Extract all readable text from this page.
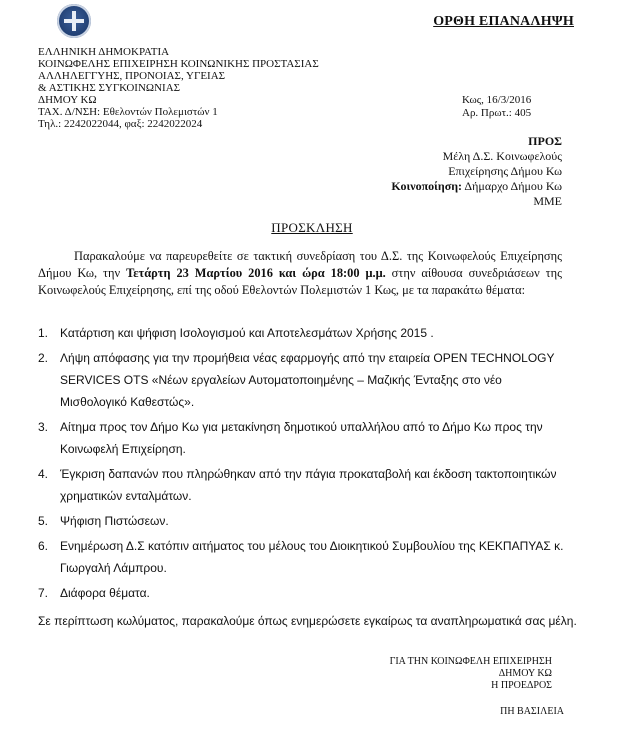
ΟΡΘΗ ΕΠΑΝΑΛΗΨΗ
ΕΛΛΗΝΙΚΗ ΔΗΜΟΚΡΑΤΙΑ
ΚΟΙΝΩΦΕΛΗΣ ΕΠΙΧΕΙΡΗΣΗ ΚΟΙΝΩΝΙΚΗΣ ΠΡΟΣΤΑΣΙΑΣ
ΑΛΛΗΛΕΓΓΥΗΣ, ΠΡΟΝΟΙΑΣ, ΥΓΕΙΑΣ
& ΑΣΤΙΚΗΣ ΣΥΓΚΟΙΝΩΝΙΑΣ
ΔΗΜΟΥ ΚΩ
ΤΑΧ. Δ/ΝΣΗ: Εθελοντών Πολεμιστών 1
Τηλ.: 2242022044, φαξ: 2242022024
Κως, 16/3/2016
Αρ. Πρωτ.: 405
ΠΡΟΣ
Μέλη Δ.Σ. Κοινωφελούς
Επιχείρησης Δήμου Κω
Κοινοποίηση: Δήμαρχο Δήμου Κω
ΜΜΕ
ΠΡΟΣΚΛΗΣΗ
Παρακαλούμε να παρευρεθείτε σε τακτική συνεδρίαση του Δ.Σ. της Κοινωφελούς Επιχείρησης Δήμου Κω, την Τετάρτη 23 Μαρτίου 2016 και ώρα 18:00 μ.μ. στην αίθουσα συνεδριάσεων της Κοινωφελούς Επιχείρησης, επί της οδού Εθελοντών Πολεμιστών 1 Κως, με τα παρακάτω θέματα:
1. Κατάρτιση και ψήφιση Ισολογισμού και Αποτελεσμάτων Χρήσης 2015 .
2. Λήψη απόφασης για την προμήθεια νέας εφαρμογής από την εταιρεία OPEN TECHNOLOGY SERVICES OTS «Νέων εργαλείων Αυτοματοποιημένης – Μαζικής Ένταξης στο νέο Μισθολογικό Καθεστώς».
3. Αίτημα προς τον Δήμο Κω για μετακίνηση δημοτικού υπαλλήλου από το Δήμο Κω προς την Κοινωφελή Επιχείρηση.
4. Έγκριση δαπανών που πληρώθηκαν από την πάγια προκαταβολή και έκδοση τακτοποιητικών χρηματικών ενταλμάτων.
5. Ψήφιση Πιστώσεων.
6. Ενημέρωση Δ.Σ κατόπιν αιτήματος του μέλους του Διοικητικού Συμβουλίου της ΚΕΚΠΑΠΥΑΣ κ. Γιωργαλή Λάμπρου.
7. Διάφορα θέματα.
Σε περίπτωση κωλύματος, παρακαλούμε όπως ενημερώσετε εγκαίρως τα αναπληρωματικά σας μέλη.
ΓΙΑ ΤΗΝ ΚΟΙΝΩΦΕΛΗ ΕΠΙΧΕΙΡΗΣΗ
ΔΗΜΟΥ ΚΩ
Η ΠΡΟΕΔΡΟΣ
ΠΗ ΒΑΣΙΛΕΙΑ
